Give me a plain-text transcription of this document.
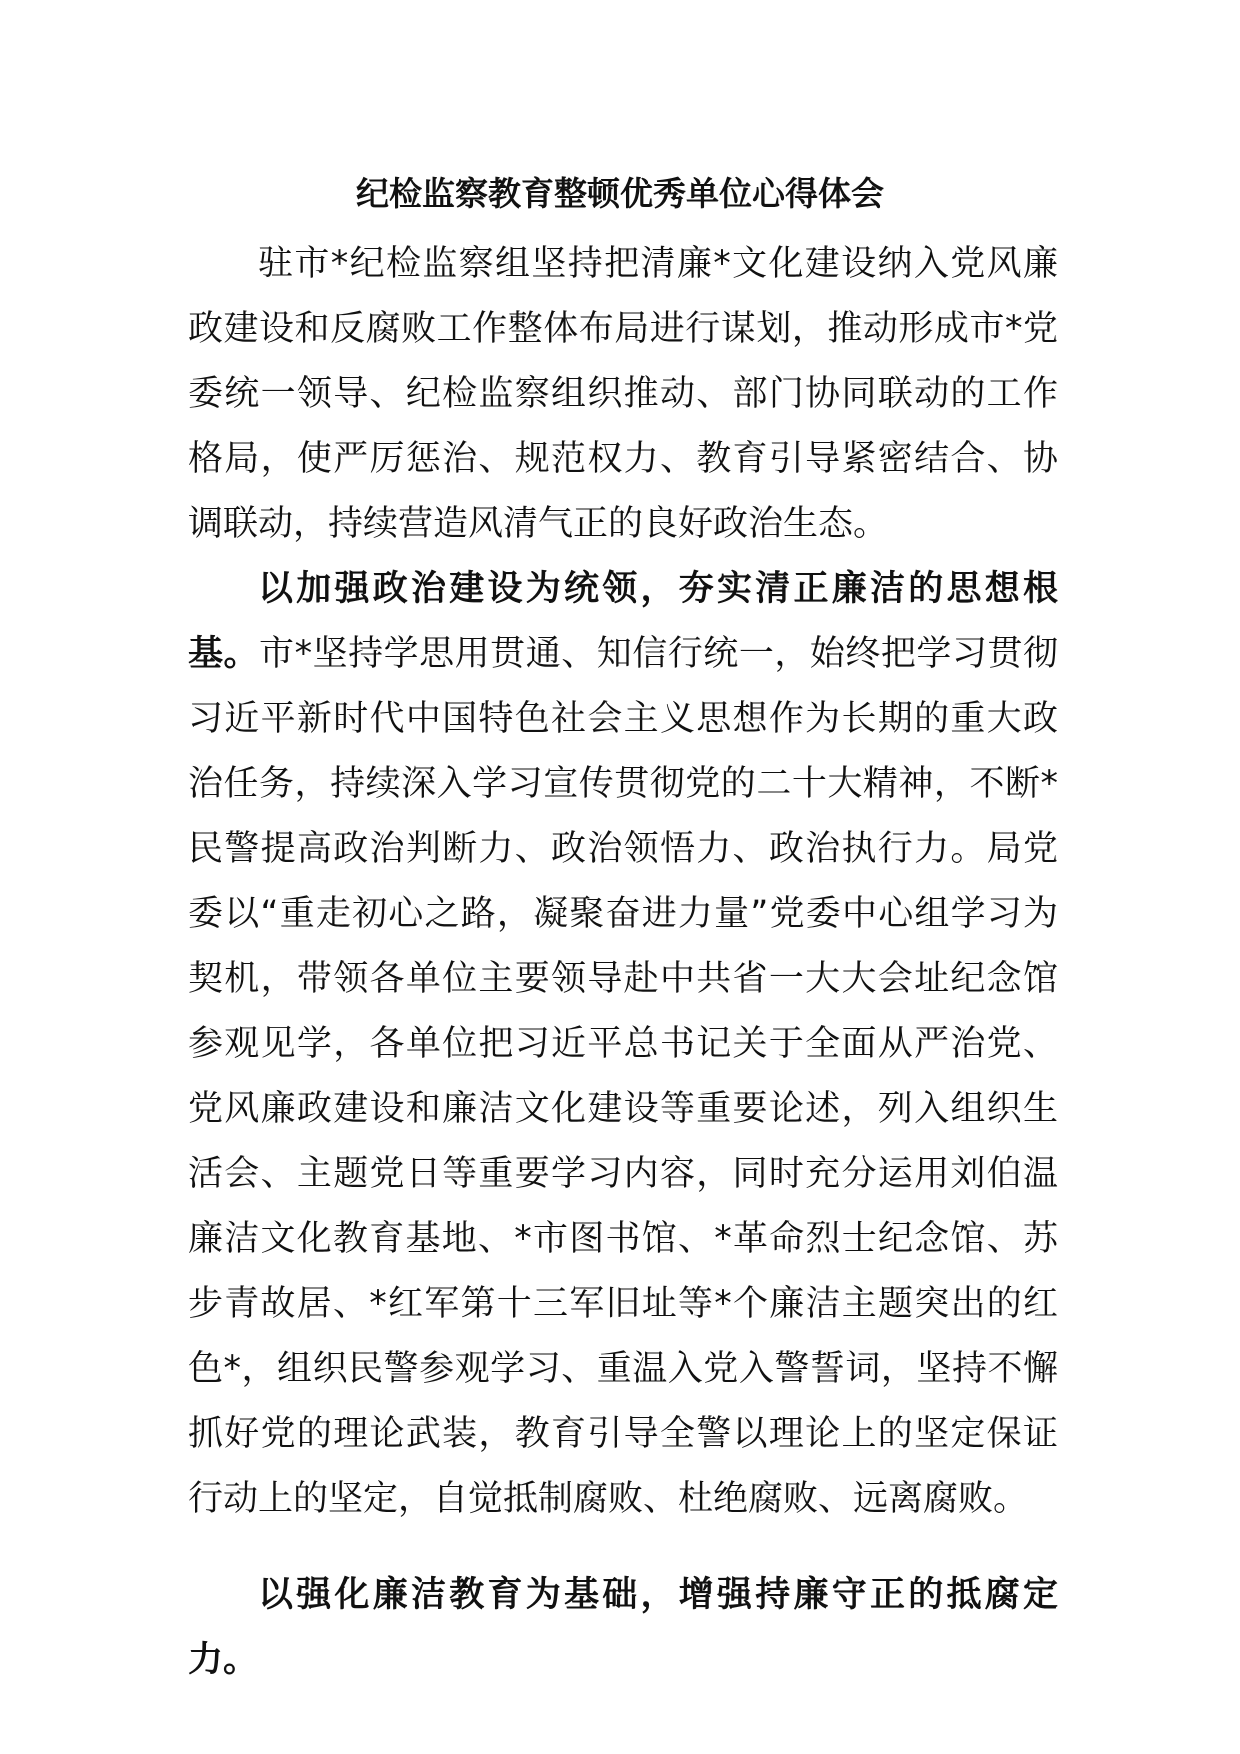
纪检监察教育整顿优秀单位心得体会

驻市*纪检监察组坚持把清廉*文化建设纳入党风廉政建设和反腐败工作整体布局进行谋划，推动形成市*党委统一领导、纪检监察组织推动、部门协同联动的工作格局，使严厉惩治、规范权力、教育引导紧密结合、协调联动，持续营造风清气正的良好政治生态。

以加强政治建设为统领，夯实清正廉洁的思想根基。市*坚持学思用贯通、知信行统一，始终把学习贯彻习近平新时代中国特色社会主义思想作为长期的重大政治任务，持续深入学习宣传贯彻党的二十大精神，不断*民警提高政治判断力、政治领悟力、政治执行力。局党委以“重走初心之路，凝聚奋进力量”党委中心组学习为契机，带领各单位主要领导赴中共省一大大会址纪念馆参观见学，各单位把习近平总书记关于全面从严治党、党风廉政建设和廉洁文化建设等重要论述，列入组织生活会、主题党日等重要学习内容，同时充分运用刘伯温廉洁文化教育基地、*市图书馆、*革命烈士纪念馆、苏步青故居、*红军第十三军旧址等*个廉洁主题突出的红色*，组织民警参观学习、重温入党入警誓词，坚持不懈抓好党的理论武装，教育引导全警以理论上的坚定保证行动上的坚定，自觉抵制腐败、杜绝腐败、远离腐败。

以强化廉洁教育为基础，增强持廉守正的抵腐定力。
